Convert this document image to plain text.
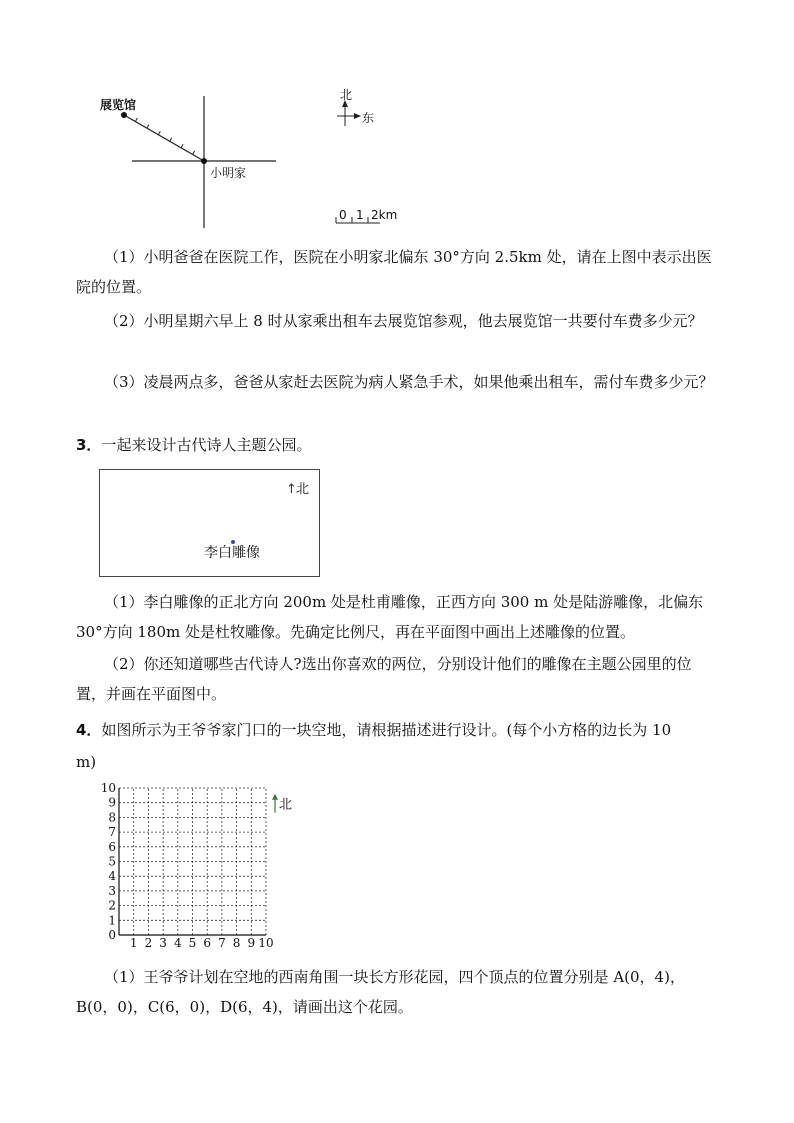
展览馆
小明家
北
东
0 1 2km

（1）小明爸爸在医院工作，医院在小明家北偏东 30°方向 2.5km 处，请在上图中表示出医院的位置。

（2）小明星期六早上 8 时从家乘出租车去展览馆参观，他去展览馆一共要付车费多少元？

（3）凌晨两点多，爸爸从家赶去医院为病人紧急手术，如果他乘出租车，需付车费多少元？

3．一起来设计古代诗人主题公园。
↑北
李白雕像

（1）李白雕像的正北方向 200m 处是杜甫雕像，正西方向 300 m 处是陆游雕像，北偏东 30°方向 180m 处是杜牧雕像。先确定比例尺，再在平面图中画出上述雕像的位置。

（2）你还知道哪些古代诗人?选出你喜欢的两位，分别设计他们的雕像在主题公园里的位置，并画在平面图中。

4．如图所示为王爷爷家门口的一块空地，请根据描述进行设计。(每个小方格的边长为 10
m)
1 2 3 4 5 6 7 8 9 10
0
1
2
3
4
5
6
7
8
9
10
北

（1）王爷爷计划在空地的西南角围一块长方形花园，四个顶点的位置分别是 A(0，4)，B(0，0)，C(6，0)，D(6，4)，请画出这个花园。
